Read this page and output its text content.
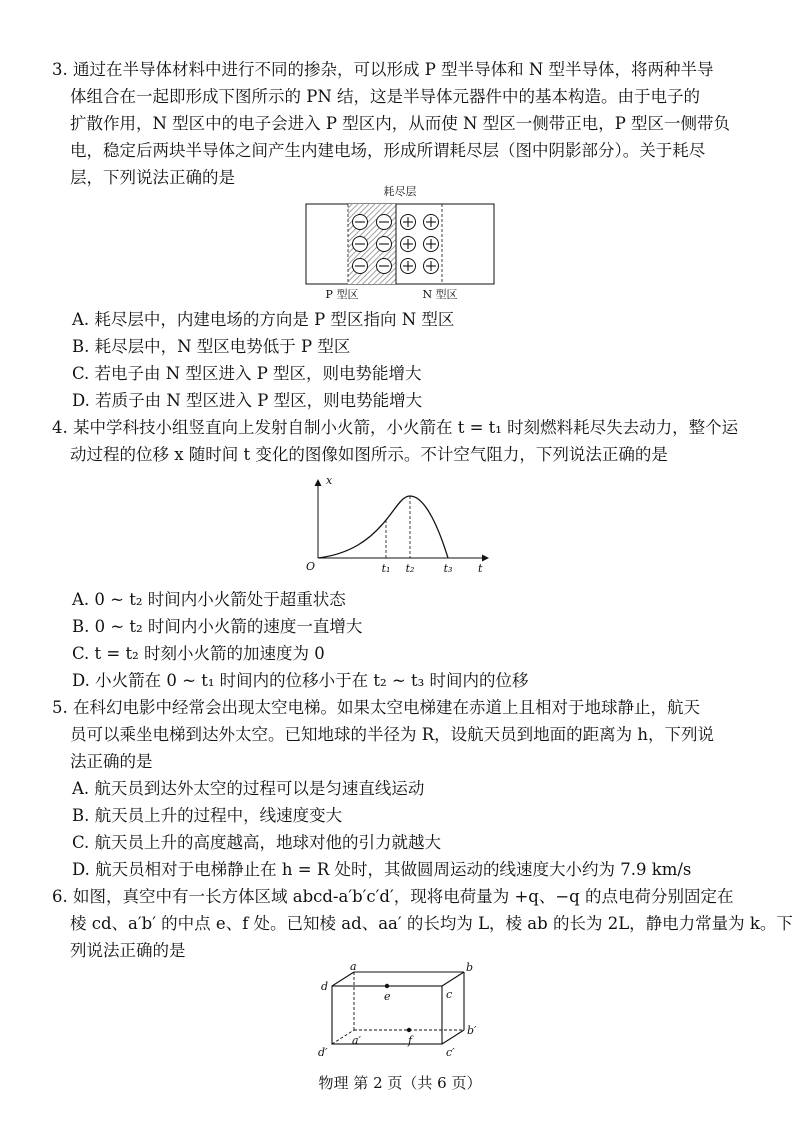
3. 通过在半导体材料中进行不同的掺杂，可以形成 P 型半导体和 N 型半导体，将两种半导
体组合在一起即形成下图所示的 PN 结，这是半导体元器件中的基本构造。由于电子的
扩散作用，N 型区中的电子会进入 P 型区内，从而使 N 型区一侧带正电，P 型区一侧带负
电，稳定后两块半导体之间产生内建电场，形成所谓耗尽层（图中阴影部分）。关于耗尽
层，下列说法正确的是
耗尽层
P 型区	N 型区
A. 耗尽层中，内建电场的方向是 P 型区指向 N 型区
B. 耗尽层中，N 型区电势低于 P 型区
C. 若电子由 N 型区进入 P 型区，则电势能增大
D. 若质子由 N 型区进入 P 型区，则电势能增大
4. 某中学科技小组竖直向上发射自制小火箭，小火箭在 t = t₁ 时刻燃料耗尽失去动力，整个运
动过程的位移 x 随时间 t 变化的图像如图所示。不计空气阻力，下列说法正确的是
x
t
O	t₁ t₂	t₃
A. 0 ~ t₂ 时间内小火箭处于超重状态
B. 0 ~ t₂ 时间内小火箭的速度一直增大
C. t = t₂ 时刻小火箭的加速度为 0
D. 小火箭在 0 ~ t₁ 时间内的位移小于在 t₂ ~ t₃ 时间内的位移
5. 在科幻电影中经常会出现太空电梯。如果太空电梯建在赤道上且相对于地球静止，航天
员可以乘坐电梯到达外太空。已知地球的半径为 R，设航天员到地面的距离为 h，下列说
法正确的是
A. 航天员到达外太空的过程可以是匀速直线运动
B. 航天员上升的过程中，线速度变大
C. 航天员上升的高度越高，地球对他的引力就越大
D. 航天员相对于电梯静止在 h = R 处时，其做圆周运动的线速度大小约为 7.9 km/s
6. 如图，真空中有一长方体区域 abcd-a′b′c′d′，现将电荷量为 +q、−q 的点电荷分别固定在
棱 cd、a′b′ 的中点 e、f 处。已知棱 ad、aa′ 的长均为 L，棱 ab 的长为 2L，静电力常量为 k。下
列说法正确的是
a	b
c
d
a′
b′
c′
d′
e
f
物理 第 2 页（共 6 页）
